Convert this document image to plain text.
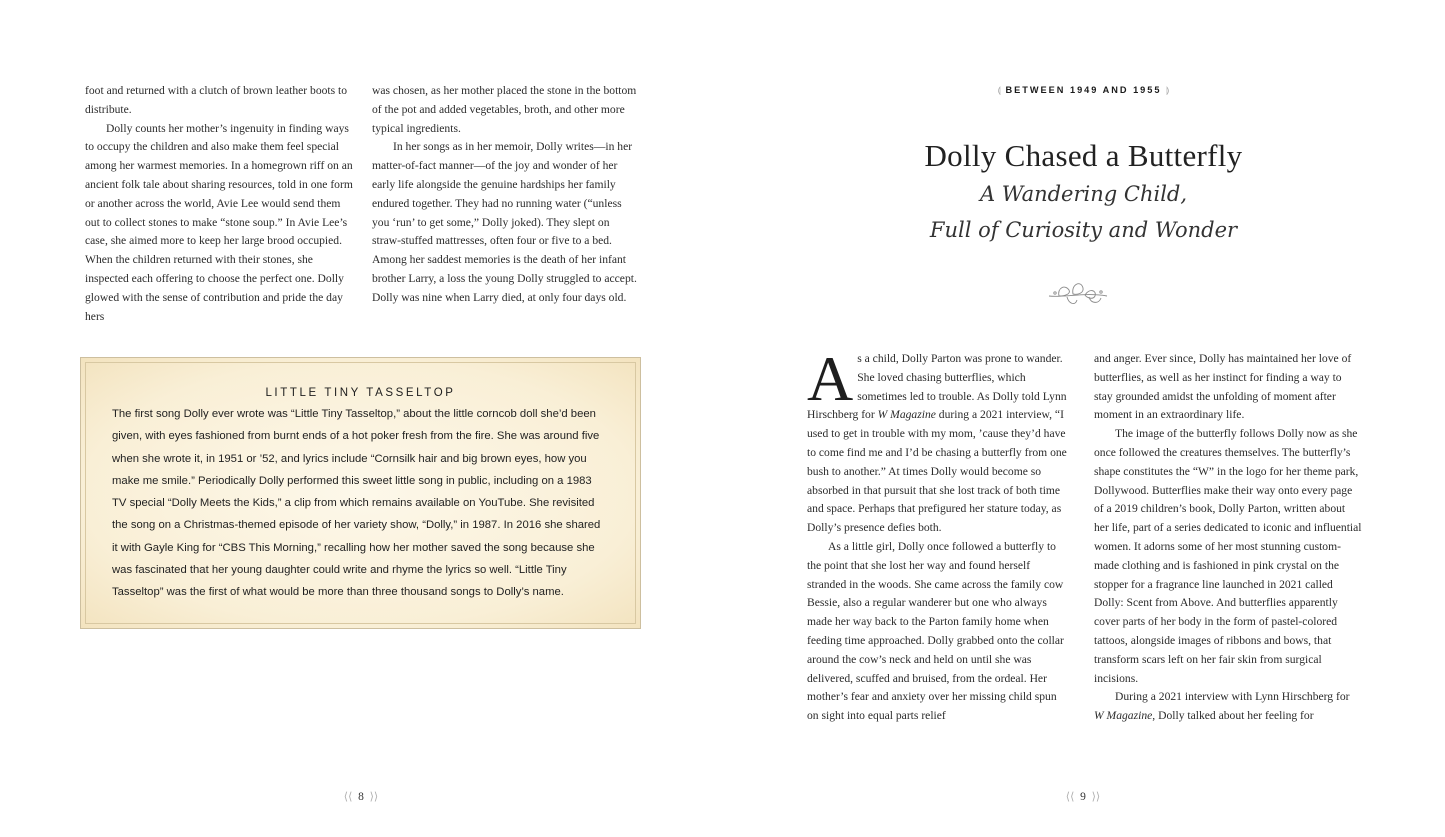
foot and returned with a clutch of brown leather boots to distribute.

Dolly counts her mother’s ingenuity in finding ways to occupy the children and also make them feel special among her warmest memories. In a homegrown riff on an ancient folk tale about sharing resources, told in one form or another across the world, Avie Lee would send them out to collect stones to make “stone soup.” In Avie Lee’s case, she aimed more to keep her large brood occupied. When the children returned with their stones, she inspected each offering to choose the perfect one. Dolly glowed with the sense of contribution and pride the day hers

was chosen, as her mother placed the stone in the bottom of the pot and added vegetables, broth, and other more typical ingredients.

In her songs as in her memoir, Dolly writes—in her matter-of-fact manner—of the joy and wonder of her early life alongside the genuine hardships her family endured together. They had no running water (“unless you ‘run’ to get some,” Dolly joked). They slept on straw-stuffed mattresses, often four or five to a bed. Among her saddest memories is the death of her infant brother Larry, a loss the young Dolly struggled to accept. Dolly was nine when Larry died, at only four days old.

LITTLE TINY TASSELTOP
The first song Dolly ever wrote was “Little Tiny Tasseltop,” about the little corncob doll she’d been given, with eyes fashioned from burnt ends of a hot poker fresh from the fire. She was around five when she wrote it, in 1951 or ’52, and lyrics include “Cornsilk hair and big brown eyes, how you make me smile.” Periodically Dolly performed this sweet little song in public, including on a 1983 TV special “Dolly Meets the Kids,” a clip from which remains available on YouTube. She revisited the song on a Christmas-themed episode of her variety show, “Dolly,” in 1987. In 2016 she shared it with Gayle King for “CBS This Morning,” recalling how her mother saved the song because she was fascinated that her young daughter could write and rhyme the lyrics so well. “Little Tiny Tasseltop” was the first of what would be more than three thousand songs to Dolly’s name.
⟨⟨ 8 ⟩⟩
⟬ BETWEEN 1949 AND 1955 ⟭
Dolly Chased a Butterfly
A Wandering Child,
Full of Curiosity and Wonder

As a child, Dolly Parton was prone to wander. She loved chasing butterflies, which sometimes led to trouble. As Dolly told Lynn Hirschberg for W Magazine during a 2021 interview, “I used to get in trouble with my mom, ’cause they’d have to come find me and I’d be chasing a butterfly from one bush to another.” At times Dolly would become so absorbed in that pursuit that she lost track of both time and space. Perhaps that prefigured her stature today, as Dolly’s presence defies both.

As a little girl, Dolly once followed a butterfly to the point that she lost her way and found herself stranded in the woods. She came across the family cow Bessie, also a regular wanderer but one who always made her way back to the Parton family home when feeding time approached. Dolly grabbed onto the collar around the cow’s neck and held on until she was delivered, scuffed and bruised, from the ordeal. Her mother’s fear and anxiety over her missing child spun on sight into equal parts relief

and anger. Ever since, Dolly has maintained her love of butterflies, as well as her instinct for finding a way to stay grounded amidst the unfolding of moment after moment in an extraordinary life.

The image of the butterfly follows Dolly now as she once followed the creatures themselves. The butterfly’s shape constitutes the “W” in the logo for her theme park, Dollywood. Butterflies make their way onto every page of a 2019 children’s book, Dolly Parton, written about her life, part of a series dedicated to iconic and influential women. It adorns some of her most stunning custom-made clothing and is fashioned in pink crystal on the stopper for a fragrance line launched in 2021 called Dolly: Scent from Above. And butterflies apparently cover parts of her body in the form of pastel-colored tattoos, alongside images of ribbons and bows, that transform scars left on her fair skin from surgical incisions.

During a 2021 interview with Lynn Hirschberg for W Magazine, Dolly talked about her feeling for

⟨⟨ 9 ⟩⟩
